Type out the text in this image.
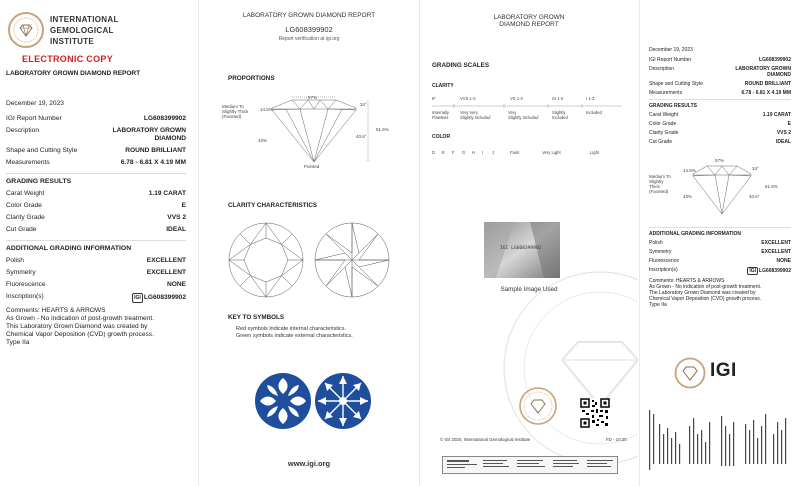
INTERNATIONAL
GEMOLOGICAL
INSTITUTE
ELECTRONIC COPY
LABORATORY GROWN DIAMOND REPORT
December 19, 2023
IGI Report Number	LG608399902
Description	LABORATORY GROWN DIAMOND
Shape and Cutting Style	ROUND BRILLIANT
Measurements	6.78 - 6.81 X 4.19 MM
GRADING RESULTS
Carat Weight	1.19 CARAT
Color Grade	E
Clarity Grade	VVS 2
Cut Grade	IDEAL
ADDITIONAL GRADING INFORMATION
Polish	EXCELLENT
Symmetry	EXCELLENT
Fluorescence	NONE
Inscription(s)	IGI LG608399902
Comments: HEARTS & ARROWS
As Grown - No indication of post-growth treatment.
This Laboratory Grown Diamond was created by
Chemical Vapor Deposition (CVD) growth process.
Type IIa
LABORATORY GROWN DIAMOND REPORT
LG608399902
Report verification at igi.org
PROPORTIONS
Medium To
Slightly Thick
(Faceted)
14.5%
57%
34°
61.6%
40.6°
43%
Pointed
CLARITY CHARACTERISTICS
KEY TO SYMBOLS
Red symbols indicate internal characteristics.
Green symbols indicate external characteristics.
www.igi.org
LABORATORY GROWN
DIAMOND REPORT
GRADING SCALES
CLARITY
IF	VVS 1-2	VS 1-2	SI 1-2	I 1-3
Internally
Flawless
Very Very
Slightly Included
Very
Slightly Included
Slightly
Included
Included
COLOR
D E F G H I J	Faint	Very Light	Light
IGI LG608399902
Sample Image Used
© IGI 2020, International Gemological Institute	FD - 10.20
December 19, 2023
IGI Report Number	LG608399902
Description	LABORATORY GROWN DIAMOND
Shape and Cutting Style	ROUND BRILLIANT
Measurements	6.78 - 6.81 X 4.19 MM
GRADING RESULTS
Carat Weight	1.19 CARAT
Color Grade	E
Clarity Grade	VVS 2
Cut Grade	IDEAL
Medium To
Slightly
Thick
(Faceted)
14.5%
57%
34°
61.6%
43%	40.6°
ADDITIONAL GRADING INFORMATION
Polish	EXCELLENT
Symmetry	EXCELLENT
Fluorescence	NONE
Inscription(s)	IGI LG608399902
Comments: HEARTS & ARROWS
As Grown - No indication of post-growth treatment.
The Laboratory Grown Diamond was created by
Chemical Vapor Deposition (CVD) growth process.
Type IIa
IGI
